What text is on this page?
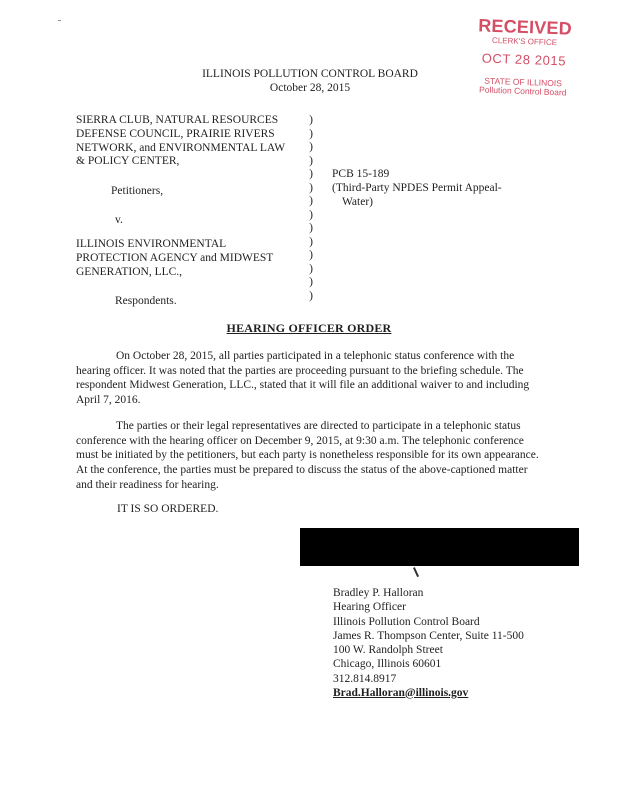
RECEIVED
CLERK'S OFFICE
OCT 28 2015
STATE OF ILLINOIS
Pollution Control Board
ILLINOIS POLLUTION CONTROL BOARD
October 28, 2015
SIERRA CLUB, NATURAL RESOURCES
DEFENSE COUNCIL, PRAIRIE RIVERS
NETWORK, and ENVIRONMENTAL LAW
& POLICY CENTER,
Petitioners,
v.
ILLINOIS ENVIRONMENTAL
PROTECTION AGENCY and MIDWEST
GENERATION, LLC.,
Respondents.
)
)
)
)
)
)
)
)
)
)
)
)
)
)
PCB 15-189
(Third-Party NPDES Permit Appeal-
Water)
HEARING OFFICER ORDER
On October 28, 2015, all parties participated in a telephonic status conference with the hearing officer. It was noted that the parties are proceeding pursuant to the briefing schedule. The respondent Midwest Generation, LLC., stated that it will file an additional waiver to and including April 7, 2016.
The parties or their legal representatives are directed to participate in a telephonic status conference with the hearing officer on December 9, 2015, at 9:30 a.m. The telephonic conference must be initiated by the petitioners, but each party is nonetheless responsible for its own appearance. At the conference, the parties must be prepared to discuss the status of the above-captioned matter and their readiness for hearing.
IT IS SO ORDERED.
Bradley P. Halloran
Hearing Officer
Illinois Pollution Control Board
James R. Thompson Center, Suite 11-500
100 W. Randolph Street
Chicago, Illinois 60601
312.814.8917
Brad.Halloran@illinois.gov
